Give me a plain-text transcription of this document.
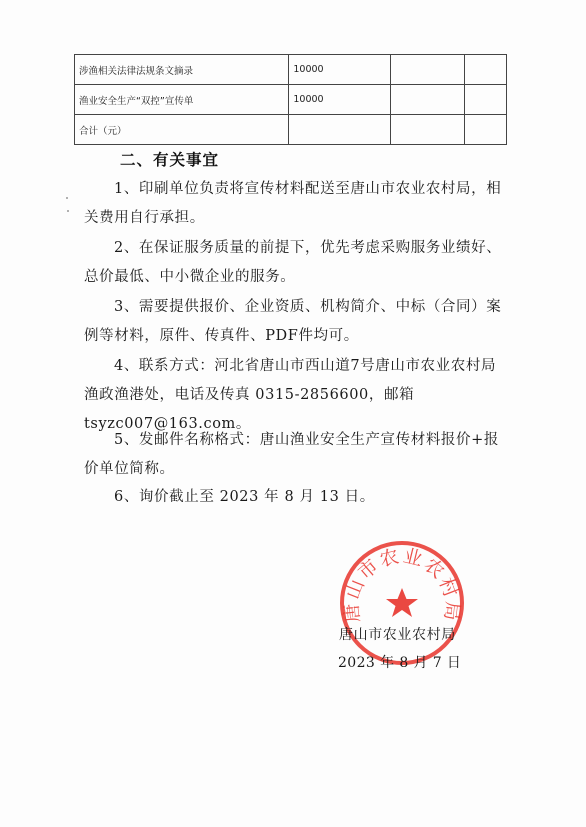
涉渔相关法律法规条文摘录	10000		
渔业安全生产“双控”宣传单	10000		
合计（元）			
二、有关事宜
1、印刷单位负责将宣传材料配送至唐山市农业农村局，相关费用自行承担。
2、在保证服务质量的前提下，优先考虑采购服务业绩好、总价最低、中小微企业的服务。
3、需要提供报价、企业资质、机构简介、中标（合同）案例等材料，原件、传真件、PDF件均可。
4、联系方式：河北省唐山市西山道7号唐山市农业农村局渔政渔港处，电话及传真 0315-2856600，邮箱 tsyzc007@163.com。
5、发邮件名称格式：唐山渔业安全生产宣传材料报价+报价单位简称。
6、询价截止至 2023 年 8 月 13 日。
唐山市农业农村局
唐山市农业农村局
2023 年 8 月 7 日
